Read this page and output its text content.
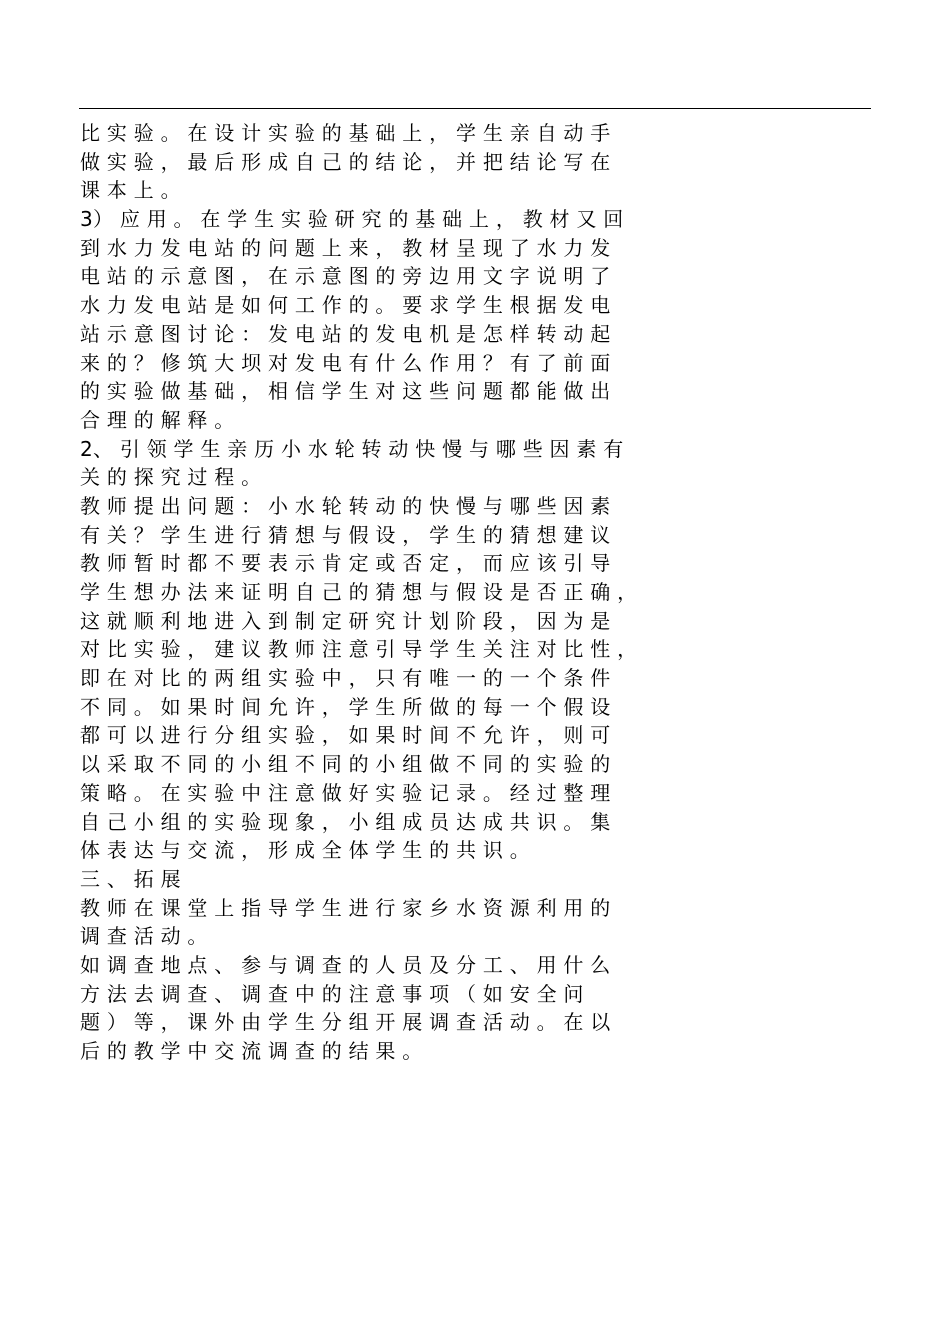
比 实 验 。 在 设 计 实 验 的 基 础 上 ， 学 生 亲 自 动 手
做 实 验 ， 最 后 形 成 自 己 的 结 论 ， 并 把 结 论 写 在
课 本 上 。
3） 应 用 。 在 学 生 实 验 研 究 的 基 础 上 ， 教 材 又 回
到 水 力 发 电 站 的 问 题 上 来 ， 教 材 呈 现 了 水 力 发
电 站 的 示 意 图 ， 在 示 意 图 的 旁 边 用 文 字 说 明 了
水 力 发 电 站 是 如 何 工 作 的 。 要 求 学 生 根 据 发 电
站 示 意 图 讨 论 ： 发 电 站 的 发 电 机 是 怎 样 转 动 起
来 的 ？ 修 筑 大 坝 对 发 电 有 什 么 作 用 ？ 有 了 前 面
的 实 验 做 基 础 ， 相 信 学 生 对 这 些 问 题 都 能 做 出
合 理 的 解 释 。
2、 引 领 学 生 亲 历 小 水 轮 转 动 快 慢 与 哪 些 因 素 有
关 的 探 究 过 程 。
教 师 提 出 问 题 ： 小 水 轮 转 动 的 快 慢 与 哪 些 因 素
有 关 ？ 学 生 进 行 猜 想 与 假 设 ， 学 生 的 猜 想 建 议
教 师 暂 时 都 不 要 表 示 肯 定 或 否 定 ， 而 应 该 引 导
学 生 想 办 法 来 证 明 自 己 的 猜 想 与 假 设 是 否 正 确 ，
这 就 顺 利 地 进 入 到 制 定 研 究 计 划 阶 段 ， 因 为 是
对 比 实 验 ， 建 议 教 师 注 意 引 导 学 生 关 注 对 比 性 ，
即 在 对 比 的 两 组 实 验 中 ， 只 有 唯 一 的 一 个 条 件
不 同 。 如 果 时 间 允 许 ， 学 生 所 做 的 每 一 个 假 设
都 可 以 进 行 分 组 实 验 ， 如 果 时 间 不 允 许 ， 则 可
以 采 取 不 同 的 小 组 不 同 的 小 组 做 不 同 的 实 验 的
策 略 。 在 实 验 中 注 意 做 好 实 验 记 录 。 经 过 整 理
自 己 小 组 的 实 验 现 象 ， 小 组 成 员 达 成 共 识 。 集
体 表 达 与 交 流 ， 形 成 全 体 学 生 的 共 识 。
三 、 拓 展
教 师 在 课 堂 上 指 导 学 生 进 行 家 乡 水 资 源 利 用 的
调 查 活 动 。
如 调 查 地 点 、 参 与 调 查 的 人 员 及 分 工 、 用 什 么
方 法 去 调 查 、 调 查 中 的 注 意 事 项 （ 如 安 全 问
题 ） 等 ， 课 外 由 学 生 分 组 开 展 调 查 活 动 。 在 以
后 的 教 学 中 交 流 调 查 的 结 果 。
